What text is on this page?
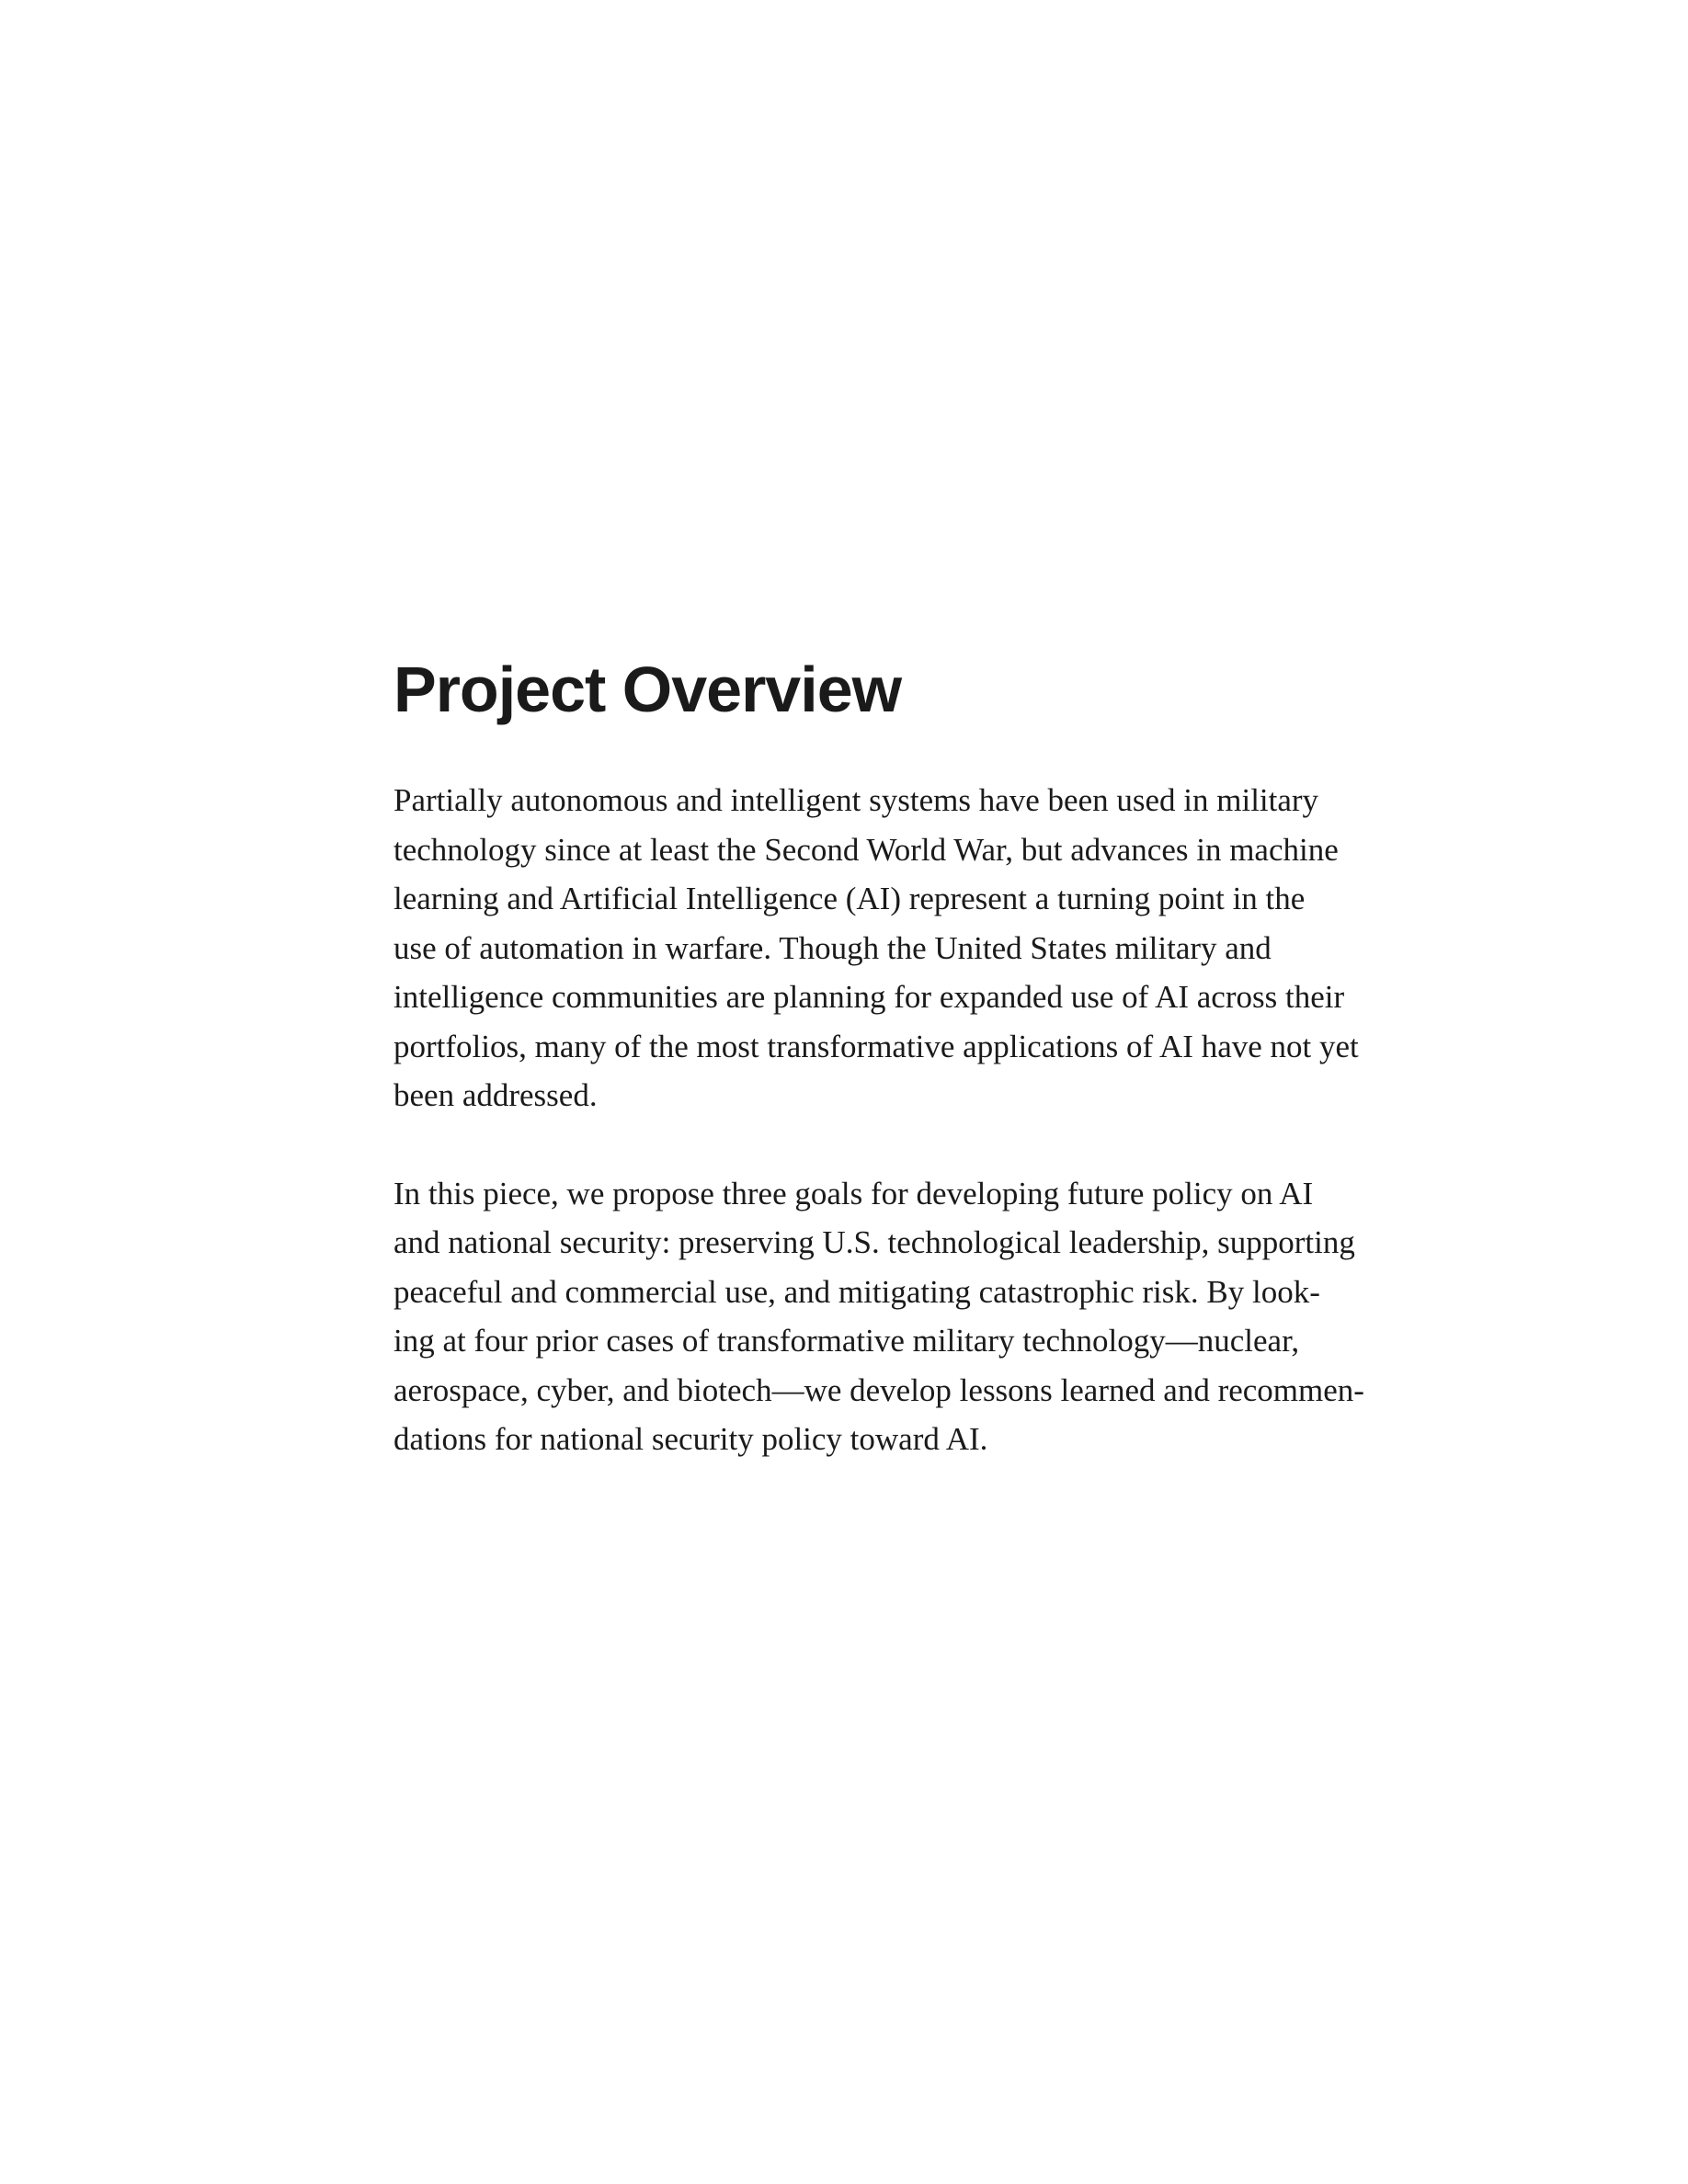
Project Overview

Partially autonomous and intelligent systems have been used in military
technology since at least the Second World War, but advances in machine
learning and Artificial Intelligence (AI) represent a turning point in the
use of automation in warfare. Though the United States military and
intelligence communities are planning for expanded use of AI across their
portfolios, many of the most transformative applications of AI have not yet
been addressed.

In this piece, we propose three goals for developing future policy on AI
and national security: preserving U.S. technological leadership, supporting
peaceful and commercial use, and mitigating catastrophic risk. By look-
ing at four prior cases of transformative military technology—nuclear,
aerospace, cyber, and biotech—we develop lessons learned and recommen-
dations for national security policy toward AI.
